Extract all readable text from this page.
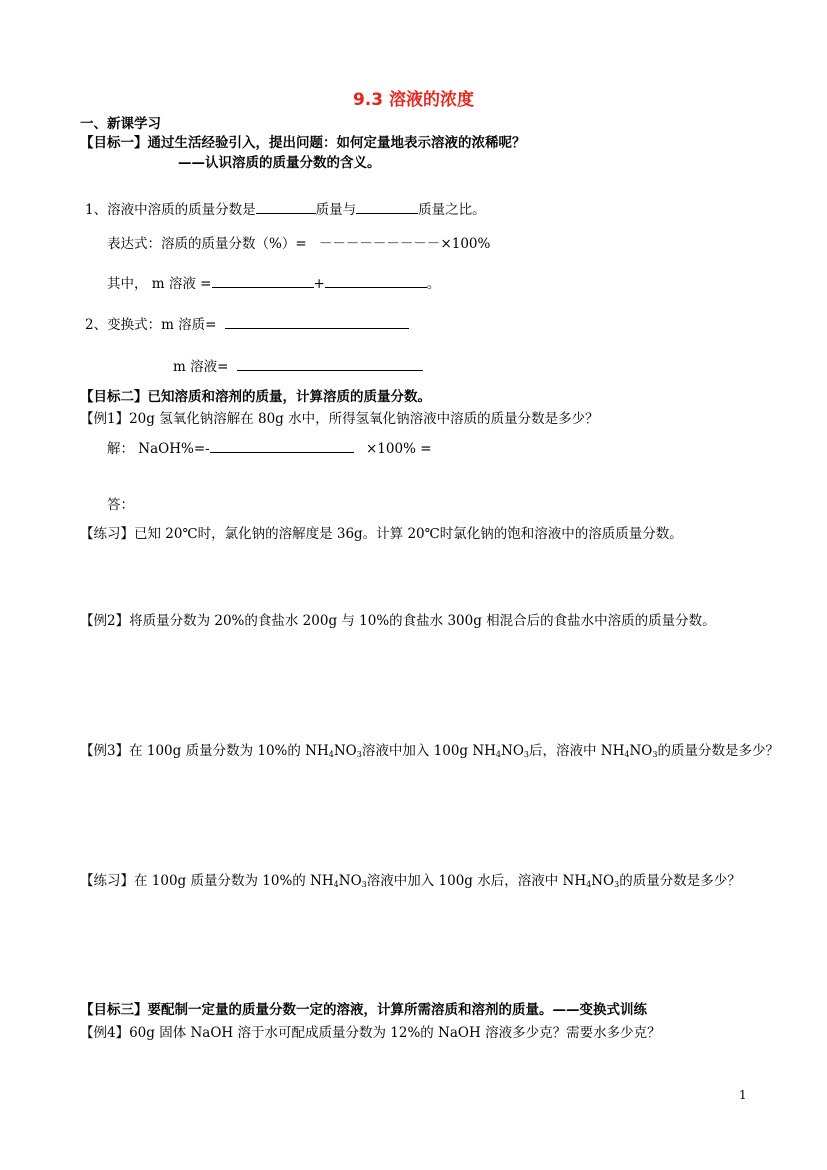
9.3 溶液的浓度
一、新课学习
【目标一】通过生活经验引入，提出问题：如何定量地表示溶液的浓稀呢？
——认识溶质的质量分数的含义。
1、溶液中溶质的质量分数是	质量与	质量之比。
表达式：溶质的质量分数（%）= －－－－－－－－－×100%
其中， m 溶液 =	+	。
2、变换式：m 溶质=
m 溶液=
【目标二】已知溶质和溶剂的质量，计算溶质的质量分数。
【例1】20g 氢氧化钠溶解在 80g 水中，所得氢氧化钠溶液中溶质的质量分数是多少？
解： NaOH%=-	×100% =
答：
【练习】已知 20℃时，氯化钠的溶解度是 36g。计算 20℃时氯化钠的饱和溶液中的溶质质量分数。
【例2】将质量分数为 20%的食盐水 200g 与 10%的食盐水 300g 相混合后的食盐水中溶质的质量分数。
【例3】在 100g 质量分数为 10%的 $NH_4NO_3$溶液中加入 100g $NH_4NO_3$后，溶液中 $NH_4NO_3$的质量分数是多少？
【练习】在 100g 质量分数为 10%的 $NH_4NO_3$溶液中加入 100g 水后，溶液中 $NH_4NO_3$的质量分数是多少？
【目标三】要配制一定量的质量分数一定的溶液，计算所需溶质和溶剂的质量。——变换式训练
【例4】60g 固体 NaOH 溶于水可配成质量分数为 12%的 NaOH 溶液多少克？需要水多少克？
1
